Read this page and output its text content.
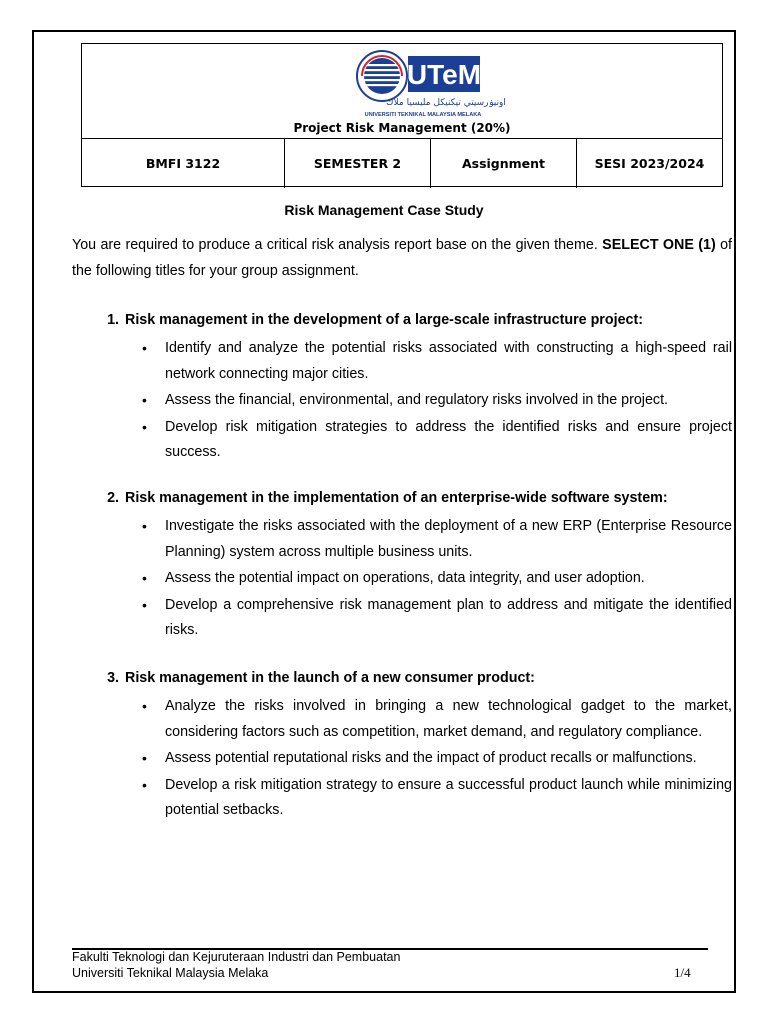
UTeM
اونيۏرسيتي تيكنيكل مليسيا ملاك
UNIVERSITI TEKNIKAL MALAYSIA MELAKA
Project Risk Management (20%)
BMFI 3122	SEMESTER 2	Assignment	SESI 2023/2024
Risk Management Case Study
You are required to produce a critical risk analysis report base on the given theme. SELECT ONE (1) of the following titles for your group assignment.
1. Risk management in the development of a large-scale infrastructure project:
• Identify and analyze the potential risks associated with constructing a high-speed rail network connecting major cities.
• Assess the financial, environmental, and regulatory risks involved in the project.
• Develop risk mitigation strategies to address the identified risks and ensure project success.
2. Risk management in the implementation of an enterprise-wide software system:
• Investigate the risks associated with the deployment of a new ERP (Enterprise Resource Planning) system across multiple business units.
• Assess the potential impact on operations, data integrity, and user adoption.
• Develop a comprehensive risk management plan to address and mitigate the identified risks.
3. Risk management in the launch of a new consumer product:
• Analyze the risks involved in bringing a new technological gadget to the market, considering factors such as competition, market demand, and regulatory compliance.
• Assess potential reputational risks and the impact of product recalls or malfunctions.
• Develop a risk mitigation strategy to ensure a successful product launch while minimizing potential setbacks.
Fakulti Teknologi dan Kejuruteraan Industri dan Pembuatan
Universiti Teknikal Malaysia Melaka	1/4
